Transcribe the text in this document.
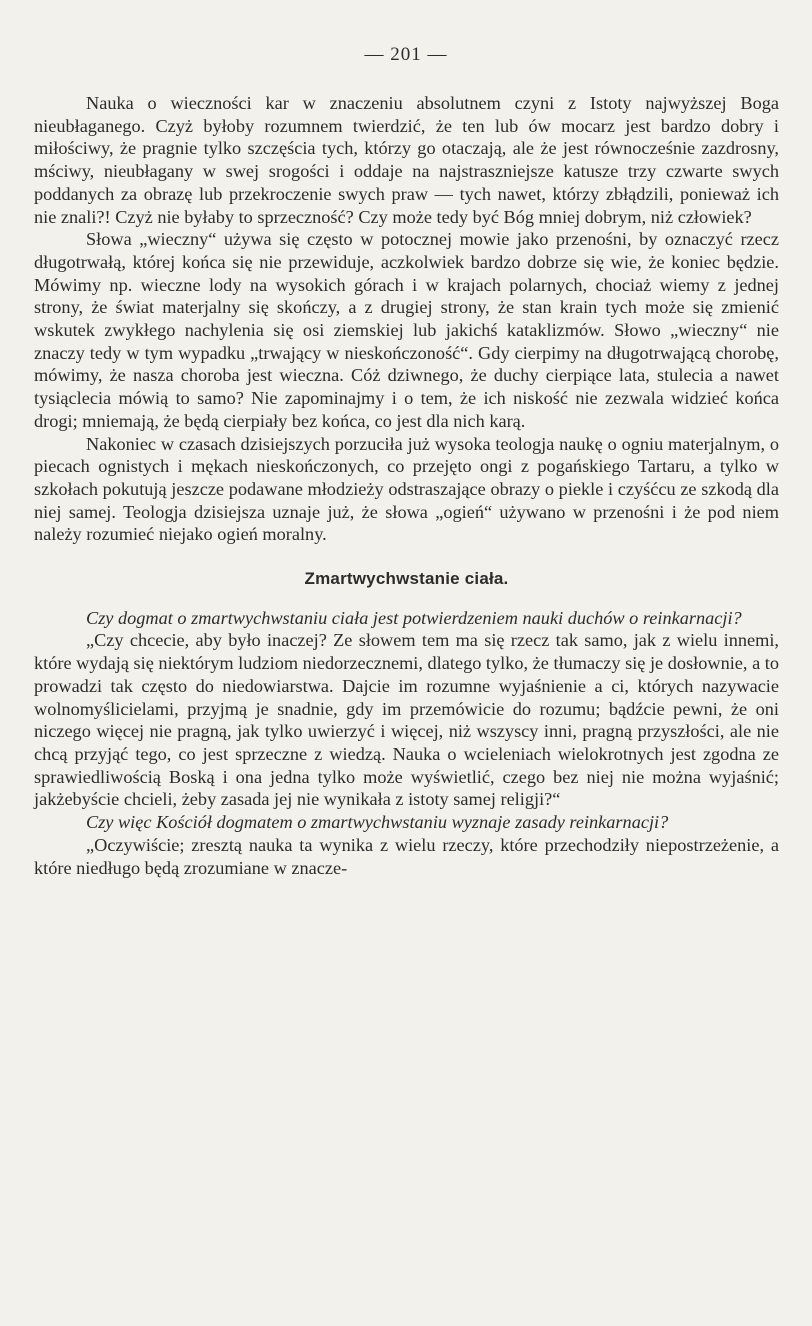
— 201 —

Nauka o wieczności kar w znaczeniu absolutnem czyni z Istoty najwyższej Boga nieubłaganego. Czyż byłoby rozumnem twierdzić, że ten lub ów mocarz jest bardzo dobry i miłościwy, że pragnie tylko szczęścia tych, którzy go otaczają, ale że jest równocześnie zazdrosny, mściwy, nieubłagany w swej srogości i oddaje na najstraszniejsze katusze trzy czwarte swych poddanych za obrazę lub przekroczenie swych praw — tych nawet, którzy zbłądzili, ponieważ ich nie znali?! Czyż nie byłaby to sprzeczność? Czy może tedy być Bóg mniej dobrym, niż człowiek?

Słowa „wieczny“ używa się często w potocznej mowie jako przenośni, by oznaczyć rzecz długotrwałą, której końca się nie przewiduje, aczkolwiek bardzo dobrze się wie, że koniec będzie. Mówimy np. wieczne lody na wysokich górach i w krajach polarnych, chociaż wiemy z jednej strony, że świat materjalny się skończy, a z drugiej strony, że stan krain tych może się zmienić wskutek zwykłego nachylenia się osi ziemskiej lub jakichś kataklizmów. Słowo „wieczny“ nie znaczy tedy w tym wypadku „trwający w nieskończoność“. Gdy cierpimy na długotrwającą chorobę, mówimy, że nasza choroba jest wieczna. Cóż dziwnego, że duchy cierpiące lata, stulecia a nawet tysiąclecia mówią to samo? Nie zapominajmy i o tem, że ich niskość nie zezwala widzieć końca drogi; mniemają, że będą cierpiały bez końca, co jest dla nich karą.

Nakoniec w czasach dzisiejszych porzuciła już wysoka teologja naukę o ogniu materjalnym, o piecach ognistych i mękach nieskończonych, co przejęto ongi z pogańskiego Tartaru, a tylko w szkołach pokutują jeszcze podawane młodzieży odstraszające obrazy o piekle i czyśćcu ze szkodą dla niej samej. Teologja dzisiejsza uznaje już, że słowa „ogień“ używano w przenośni i że pod niem należy rozumieć niejako ogień moralny.

Zmartwychwstanie ciała.

Czy dogmat o zmartwychwstaniu ciała jest potwierdzeniem nauki duchów o reinkarnacji?

„Czy chcecie, aby było inaczej? Ze słowem tem ma się rzecz tak samo, jak z wielu innemi, które wydają się niektórym ludziom niedorzecznemi, dlatego tylko, że tłumaczy się je dosłownie, a to prowadzi tak często do niedowiarstwa. Dajcie im rozumne wyjaśnienie a ci, których nazywacie wolnomyślicielami, przyjmą je snadnie, gdy im przemówicie do rozumu; bądźcie pewni, że oni niczego więcej nie pragną, jak tylko uwierzyć i więcej, niż wszyscy inni, pragną przyszłości, ale nie chcą przyjąć tego, co jest sprzeczne z wiedzą. Nauka o wcieleniach wielokrotnych jest zgodna ze sprawiedliwością Boską i ona jedna tylko może wyświetlić, czego bez niej nie można wyjaśnić; jakżebyście chcieli, żeby zasada jej nie wynikała z istoty samej religji?“

Czy więc Kościół dogmatem o zmartwychwstaniu wyznaje zasady reinkarnacji?

„Oczywiście; zresztą nauka ta wynika z wielu rzeczy, które przechodziły niepostrzeżenie, a które niedługo będą zrozumiane w znacze-
